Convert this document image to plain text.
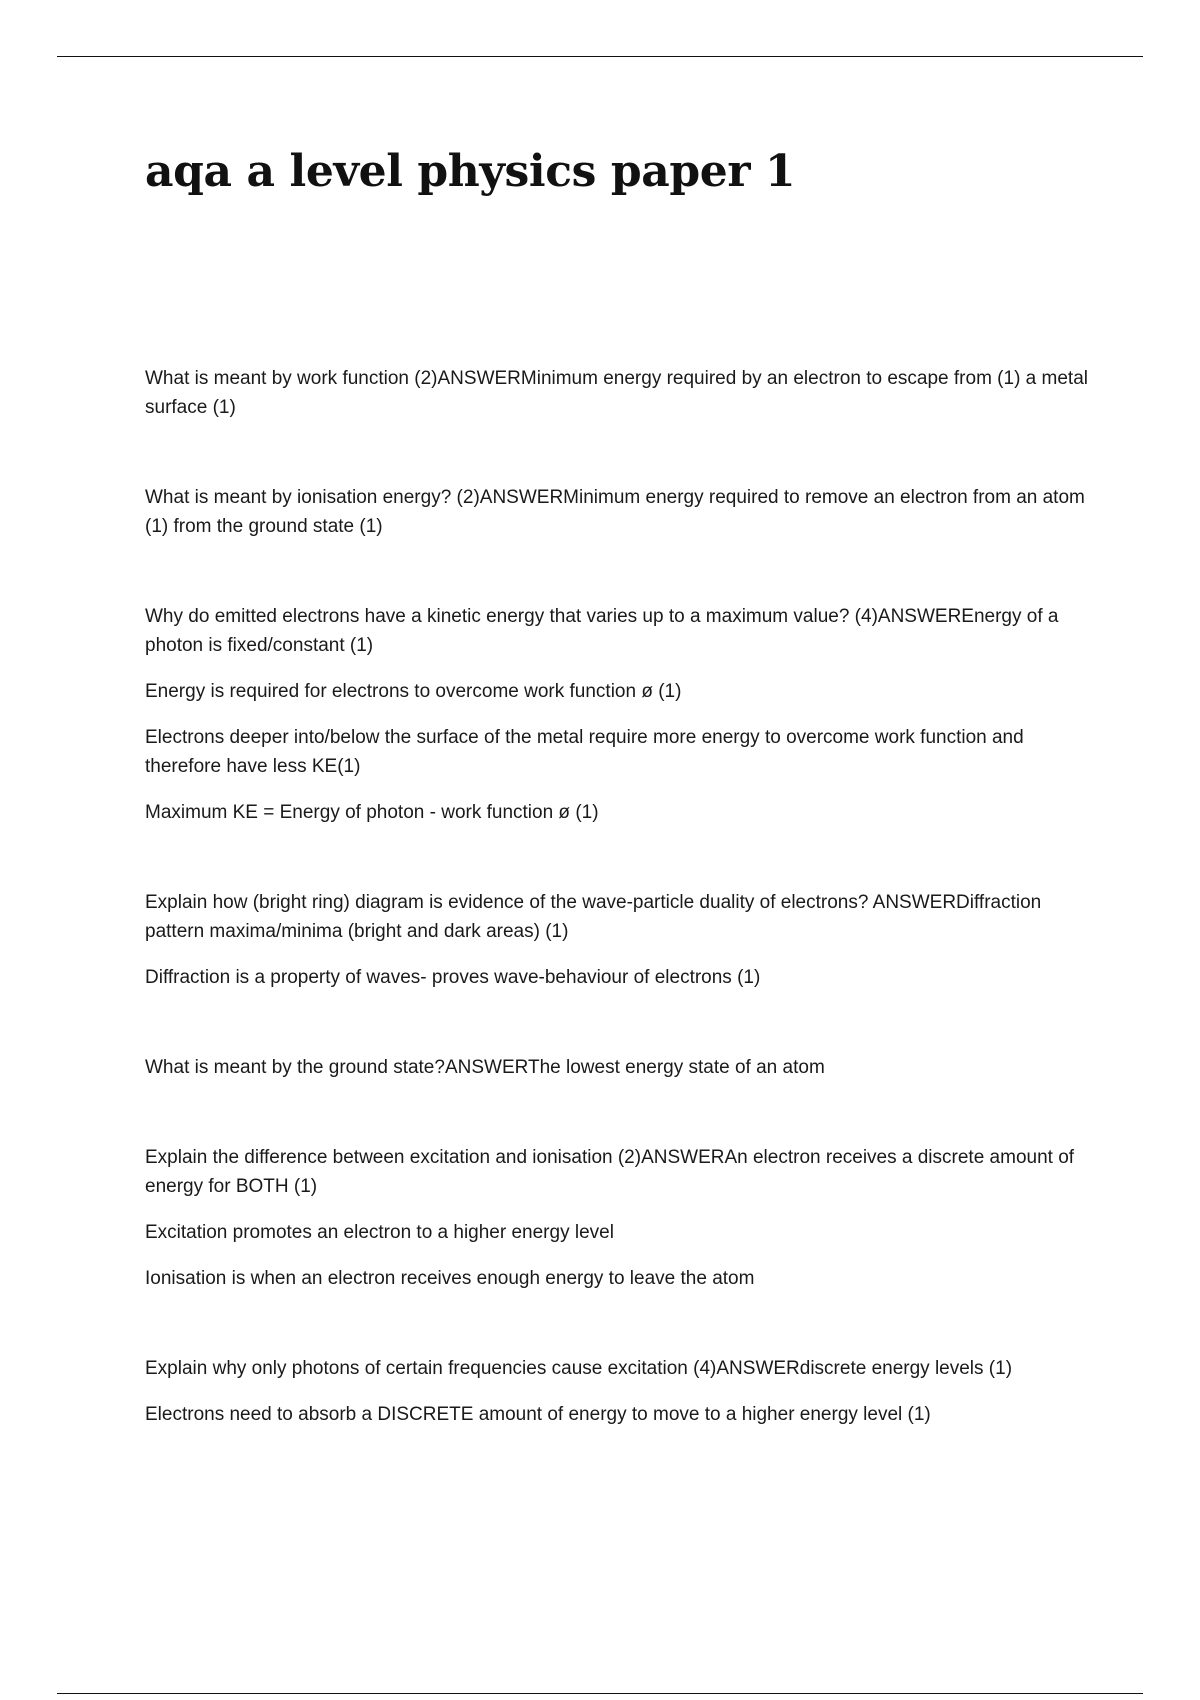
aqa a level physics paper 1

What is meant by work function (2)ANSWERMinimum energy required by an electron to escape from (1) a metal surface (1)

What is meant by ionisation energy? (2)ANSWERMinimum energy required to remove an electron from an atom (1) from the ground state (1)

Why do emitted electrons have a kinetic energy that varies up to a maximum value? (4)ANSWEREnergy of a photon is fixed/constant (1)

Energy is required for electrons to overcome work function ø (1)

Electrons deeper into/below the surface of the metal require more energy to overcome work function and therefore have less KE(1)

Maximum KE = Energy of photon - work function ø (1)

Explain how (bright ring) diagram is evidence of the wave-particle duality of electrons? ANSWERDiffraction pattern maxima/minima (bright and dark areas) (1)

Diffraction is a property of waves- proves wave-behaviour of electrons (1)

What is meant by the ground state?ANSWERThe lowest energy state of an atom

Explain the difference between excitation and ionisation (2)ANSWERAn electron receives a discrete amount of energy for BOTH (1)

Excitation promotes an electron to a higher energy level

Ionisation is when an electron receives enough energy to leave the atom

Explain why only photons of certain frequencies cause excitation (4)ANSWERdiscrete energy levels (1)

Electrons need to absorb a DISCRETE amount of energy to move to a higher energy level (1)
